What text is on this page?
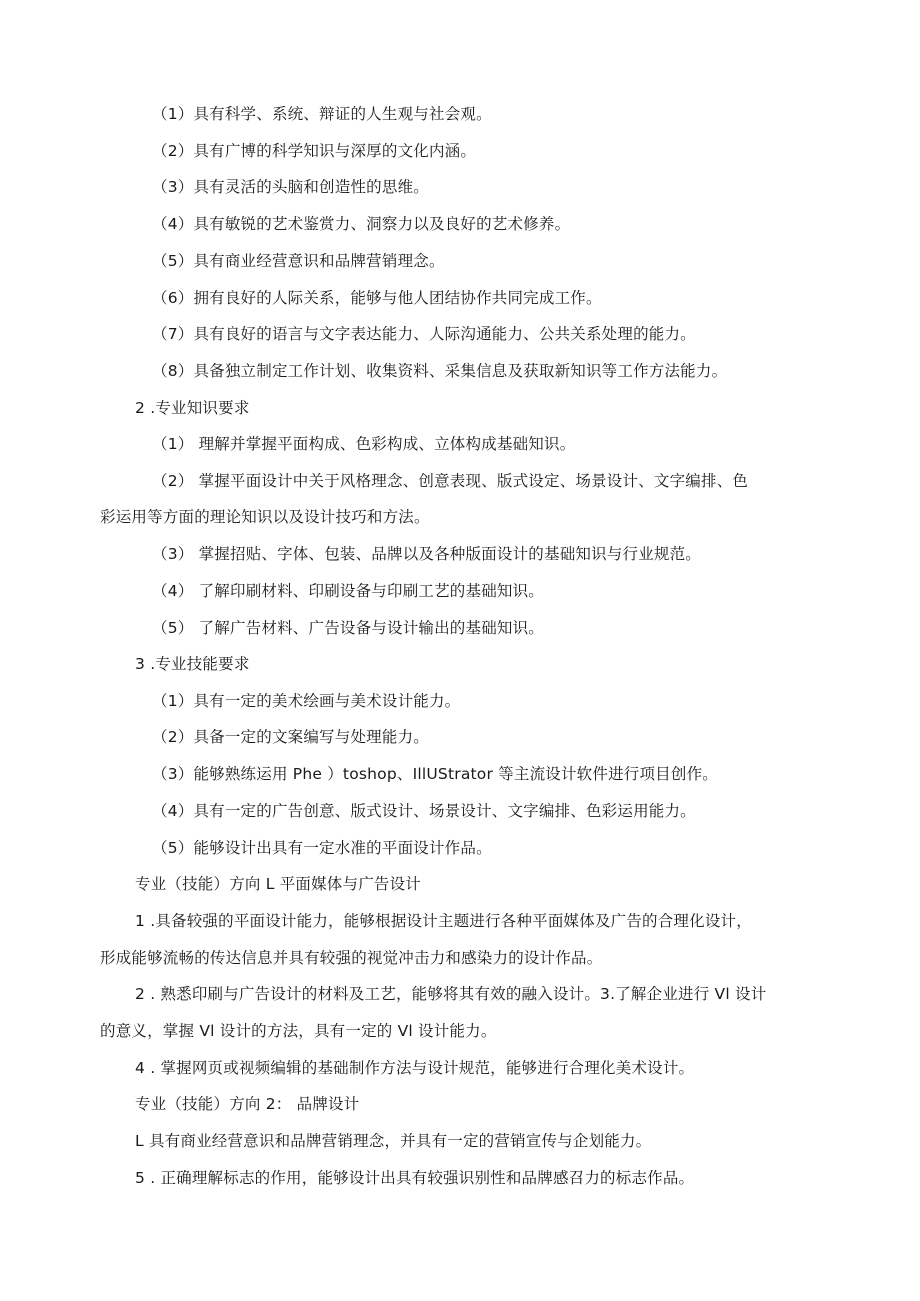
（1）具有科学、系统、辩证的人生观与社会观。
（2）具有广博的科学知识与深厚的文化内涵。
（3）具有灵活的头脑和创造性的思维。
（4）具有敏锐的艺术鉴赏力、洞察力以及良好的艺术修养。
（5）具有商业经营意识和品牌营销理念。
（6）拥有良好的人际关系，能够与他人团结协作共同完成工作。
（7）具有良好的语言与文字表达能力、人际沟通能力、公共关系处理的能力。
（8）具备独立制定工作计划、收集资料、采集信息及获取新知识等工作方法能力。
2 .专业知识要求
（1） 理解并掌握平面构成、色彩构成、立体构成基础知识。
（2） 掌握平面设计中关于风格理念、创意表现、版式设定、场景设计、文字编排、色
彩运用等方面的理论知识以及设计技巧和方法。
（3） 掌握招贴、字体、包装、品牌以及各种版面设计的基础知识与行业规范。
（4） 了解印刷材料、印刷设备与印刷工艺的基础知识。
（5） 了解广告材料、广告设备与设计输出的基础知识。
3 .专业技能要求
（1）具有一定的美术绘画与美术设计能力。
（2）具备一定的文案编写与处理能力。
（3）能够熟练运用 Phe ）toshop、IllUStrator 等主流设计软件进行项目创作。
（4）具有一定的广告创意、版式设计、场景设计、文字编排、色彩运用能力。
（5）能够设计出具有一定水准的平面设计作品。
专业（技能）方向 L 平面媒体与广告设计
1 .具备较强的平面设计能力，能够根据设计主题进行各种平面媒体及广告的合理化设计，
形成能够流畅的传达信息并具有较强的视觉冲击力和感染力的设计作品。
2 . 熟悉印刷与广告设计的材料及工艺，能够将其有效的融入设计。3.了解企业进行 Vl 设计
的意义，掌握 Vl 设计的方法，具有一定的 Vl 设计能力。
4 . 掌握网页或视频编辑的基础制作方法与设计规范，能够进行合理化美术设计。
专业（技能）方向 2： 品牌设计
L 具有商业经营意识和品牌营销理念，并具有一定的营销宣传与企划能力。
5 . 正确理解标志的作用，能够设计出具有较强识别性和品牌感召力的标志作品。
